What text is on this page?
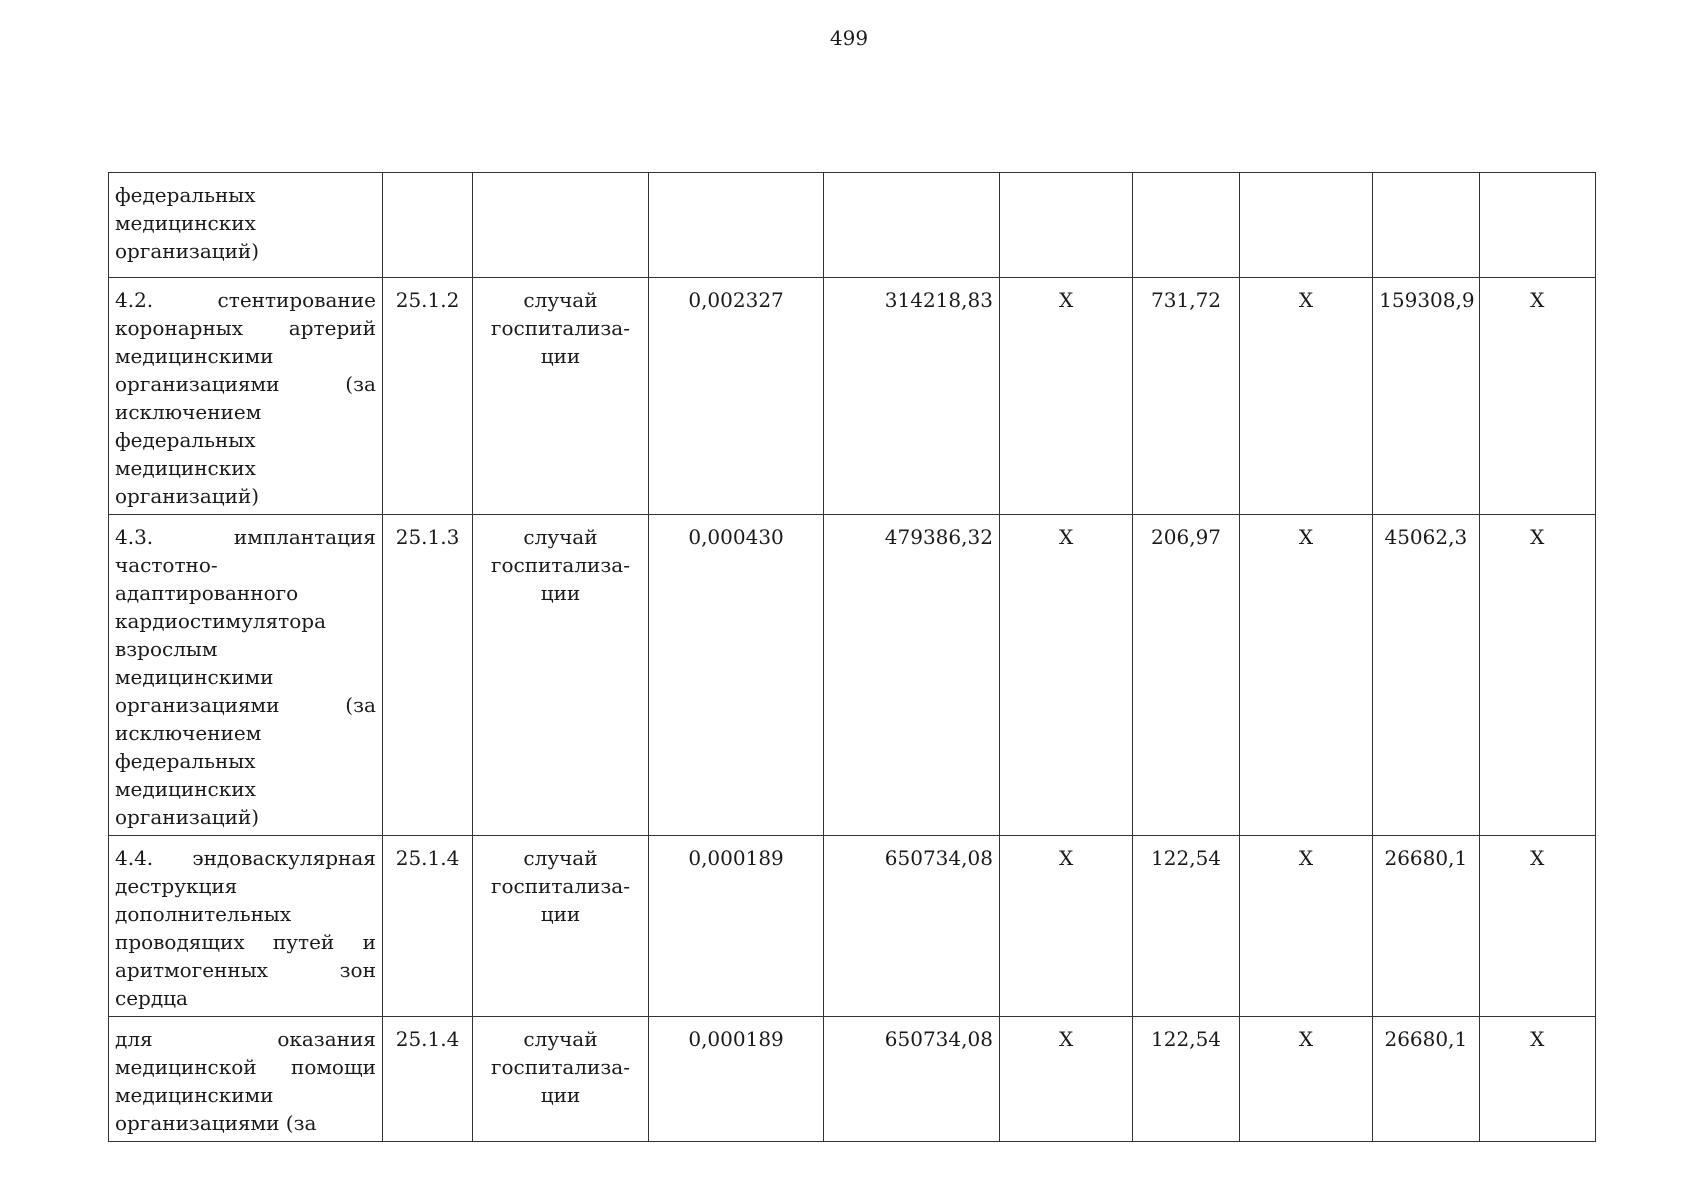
499
федеральных медицинских организаций)									
4.2. стентирование коронарных артерий медицинскими организациями (за исключением федеральных медицинских организаций)	25.1.2	случай госпитализа-ции	0,002327	314218,83	Х	731,72	Х	159308,9	Х
4.3. имплантация частотно-адаптированного кардиостимулятора взрослым медицинскими организациями (за исключением федеральных медицинских организаций)	25.1.3	случай госпитализа-ции	0,000430	479386,32	Х	206,97	Х	45062,3	Х
4.4. эндоваскулярная деструкция дополнительных проводящих путей и аритмогенных зон сердца	25.1.4	случай госпитализа-ции	0,000189	650734,08	Х	122,54	Х	26680,1	Х
для оказания медицинской помощи медицинскими организациями (за	25.1.4	случай госпитализа-ции	0,000189	650734,08	Х	122,54	Х	26680,1	Х
